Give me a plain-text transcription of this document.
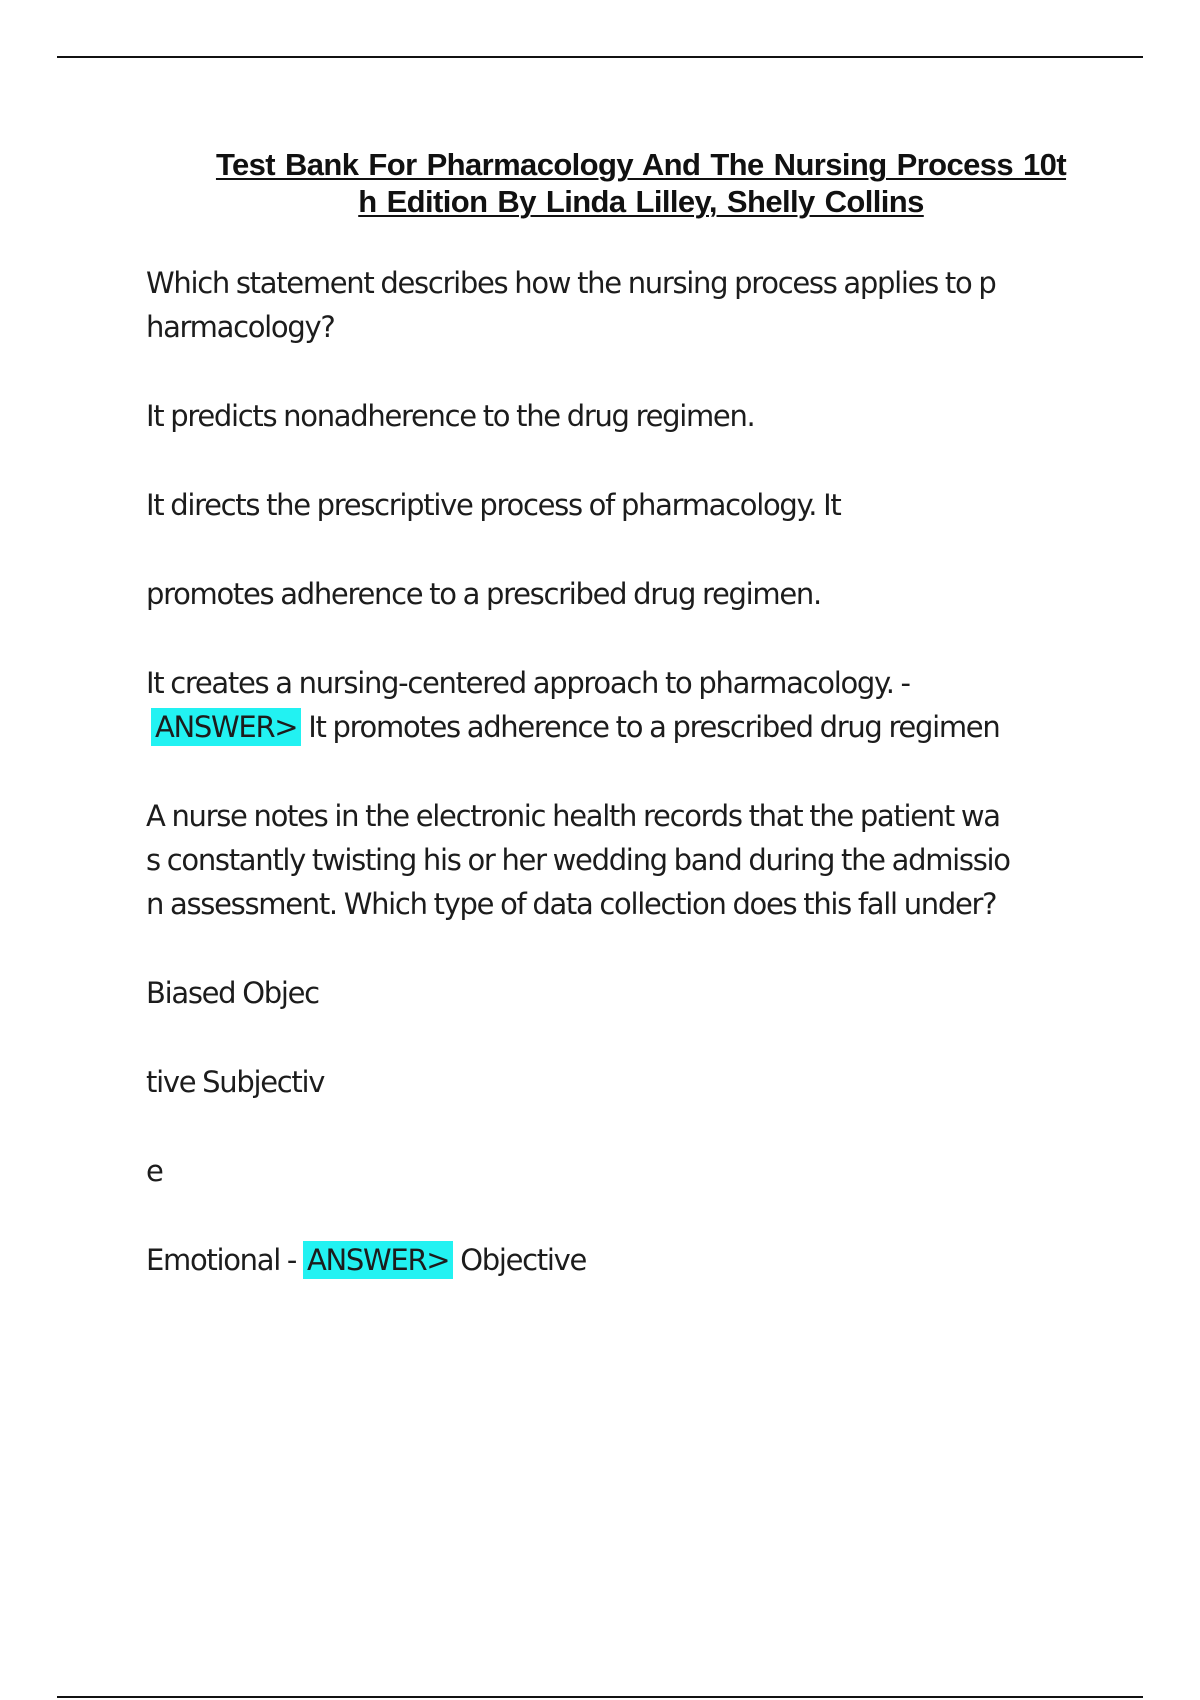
Test Bank For Pharmacology And The Nursing Process 10t
h Edition By Linda Lilley, Shelly Collins

Which statement describes how the nursing process applies to p

harmacology?

It predicts nonadherence to the drug regimen.

It directs the prescriptive process of pharmacology. It

promotes adherence to a prescribed drug regimen.

It creates a nursing-centered approach to pharmacology. -

ANSWER> It promotes adherence to a prescribed drug regimen

A nurse notes in the electronic health records that the patient wa

s constantly twisting his or her wedding band during the admissio

n assessment. Which type of data collection does this fall under?

Biased Objec

tive Subjectiv

e

Emotional - ANSWER> Objective
